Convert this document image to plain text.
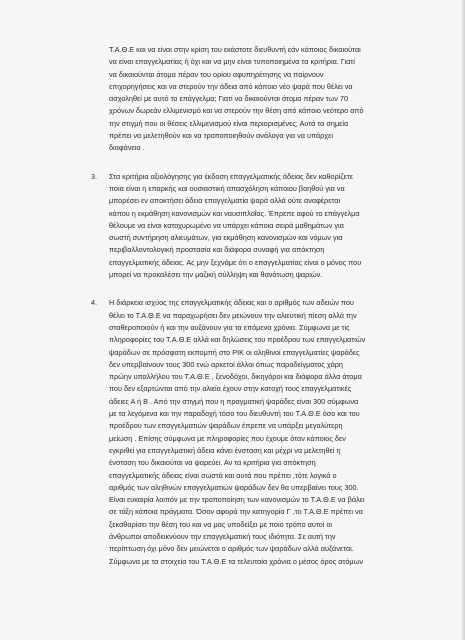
Τ.Α.Θ.Ε και να είναι στην κρίση του εκάστοτε διευθυντή εάν κάποιος δικαιούται
να είναι επαγγελματίας ή όχι και να μην είναι τυποποιημένα τα κριτήρια. Γιατί
να δικαιούνται άτομα πέραν του ορίου αφυπηρέτησης να παίρνουν
επιχορηγήσεις και να στερούν την άδεια από κάποιο νέο ψαρά που θέλει να
ασχοληθεί με αυτό το επάγγελμα; Γιατί να δικαιούνται άτομα πέραν των 70
χρόνων δωρεάν ελλιμενισμό και να στερούν την θέση από κάποιο νεότερο από
την στιγμή που οι θέσεις ελλιμενισμού είναι περιορισμένες; Αυτά τα σημεία
πρέπει να μελετηθούν και να τροποποιηθούν ανάλογα για να υπάρχει
διαφάνεια .
3. Στα κριτήρια αξιολόγησης για έκδοση επαγγελματικής άδειας δεν καθορίζετε
ποια είναι η επαρκής και ουσιαστική απασχόληση κάποιου βοηθού για να
μπορέσει εν αποκτήσει άδεια επαγγελματία ψαρά αλλά ούτε αναφέρεται
κάπου η εκμάθηση κανονισμών και ναυσιπλοΐας. Έπρεπε αφού το επάγγελμα
θέλουμε να είναι κατοχυρωμένο να υπάρχει κάποια σειρά μαθημάτων για
σωστή συντήρηση αλιευμάτων, για εκμάθηση κανονισμών και νόμων για
περιβαλλοντολογική προστασία και διάφορα συναφή για απόκτηση
επαγγελματικής άδειας. Ας μην ξεχνάμε ότι ο επαγγελματίας είναι ο μόνος που
μπορεί να προκαλέσει την μαζική σύλληψη και θανάτωση ψαριών.
4. Η διάρκεια ισχύος της επαγγελματικής άδειας και ο αριθμός των αδειών που
θέλει το Τ.Α.Θ.Ε να παραχωρήσει δεν μειώνουν την αλιευτική πίεση αλλά την
σταθεροποιούν ή και την αυξάνουν για τα επόμενα χρόνια. Σύμφωνα με τις
πληροφορίες του Τ.Α.Θ.Ε αλλά και δηλώσεις του προέδρου των επαγγελματιών
ψαράδων σε πρόσφατη εκπομπή στο ΡΙΚ οι αληθινοί επαγγελματίες ψαράδες
δεν υπερβαίνουν τους 300 ενώ αρκετοί άλλοι όπως παραδείγματος χάρη
πρώην υπαλλήλου του Τ.Α.Θ.Ε , ξενοδόχοι, δικηγόροι και διάφορα άλλα άτομα
που δεν εξαρτώνται από την αλιεία έχουν στην κατοχή τους επαγγελματικές
άδειες Α ή Β . Από την στιγμή που η πραγματική ψαράδες είναι 300 σύμφωνα
με τα λεγόμενα και την παραδοχή τόσο του διευθυντή του Τ.Α.Θ.Ε όσο και του
προέδρου των επαγγελματιών ψαράδων έπρεπε να υπάρξει μεγαλύτερη
μείωση . Επίσης σύμφωνα με πληροφορίες που έχουμε όταν κάποιος δεν
εγκριθεί για επαγγελματική άδεια κάνει ένσταση και μέχρι να μελετηθεί η
ένσταση του δικαιούται να ψαρεύει. Αν τα κριτήρια για απόκτηση
επαγγελματικής άδειας είναι σωστά και αυτά που πρέπει ,τότε λογικά ο
αριθμός των αληθινών επαγγελματιών ψαράδων δεν θα υπερβαίνει τους 300.
Είναι ευκαιρία λοιπόν με την τροποποίηση των κανονισμών το Τ.Α.Θ.Ε να βάλει
σε τάξη κάποια πράγματα. Όσον αφορά την κατηγορία Γ ,το Τ.Α.Θ.Ε πρέπει να
ξεκαθαρίσει την θέση του και να μας υποδείξει με ποιο τρόπο αυτοί οι
άνθρωποι αποδεικνύουν την επαγγελματική τους ιδιότητα. Σε αυτή την
περίπτωση όχι μόνο δεν μειώνεται ο αριθμός των ψαράδων αλλά αυξάνεται.
Σύμφωνα με τα στοιχεία του Τ.Α.Θ.Ε τα τελευταία χρόνια ο μέσος όρος ατόμων
